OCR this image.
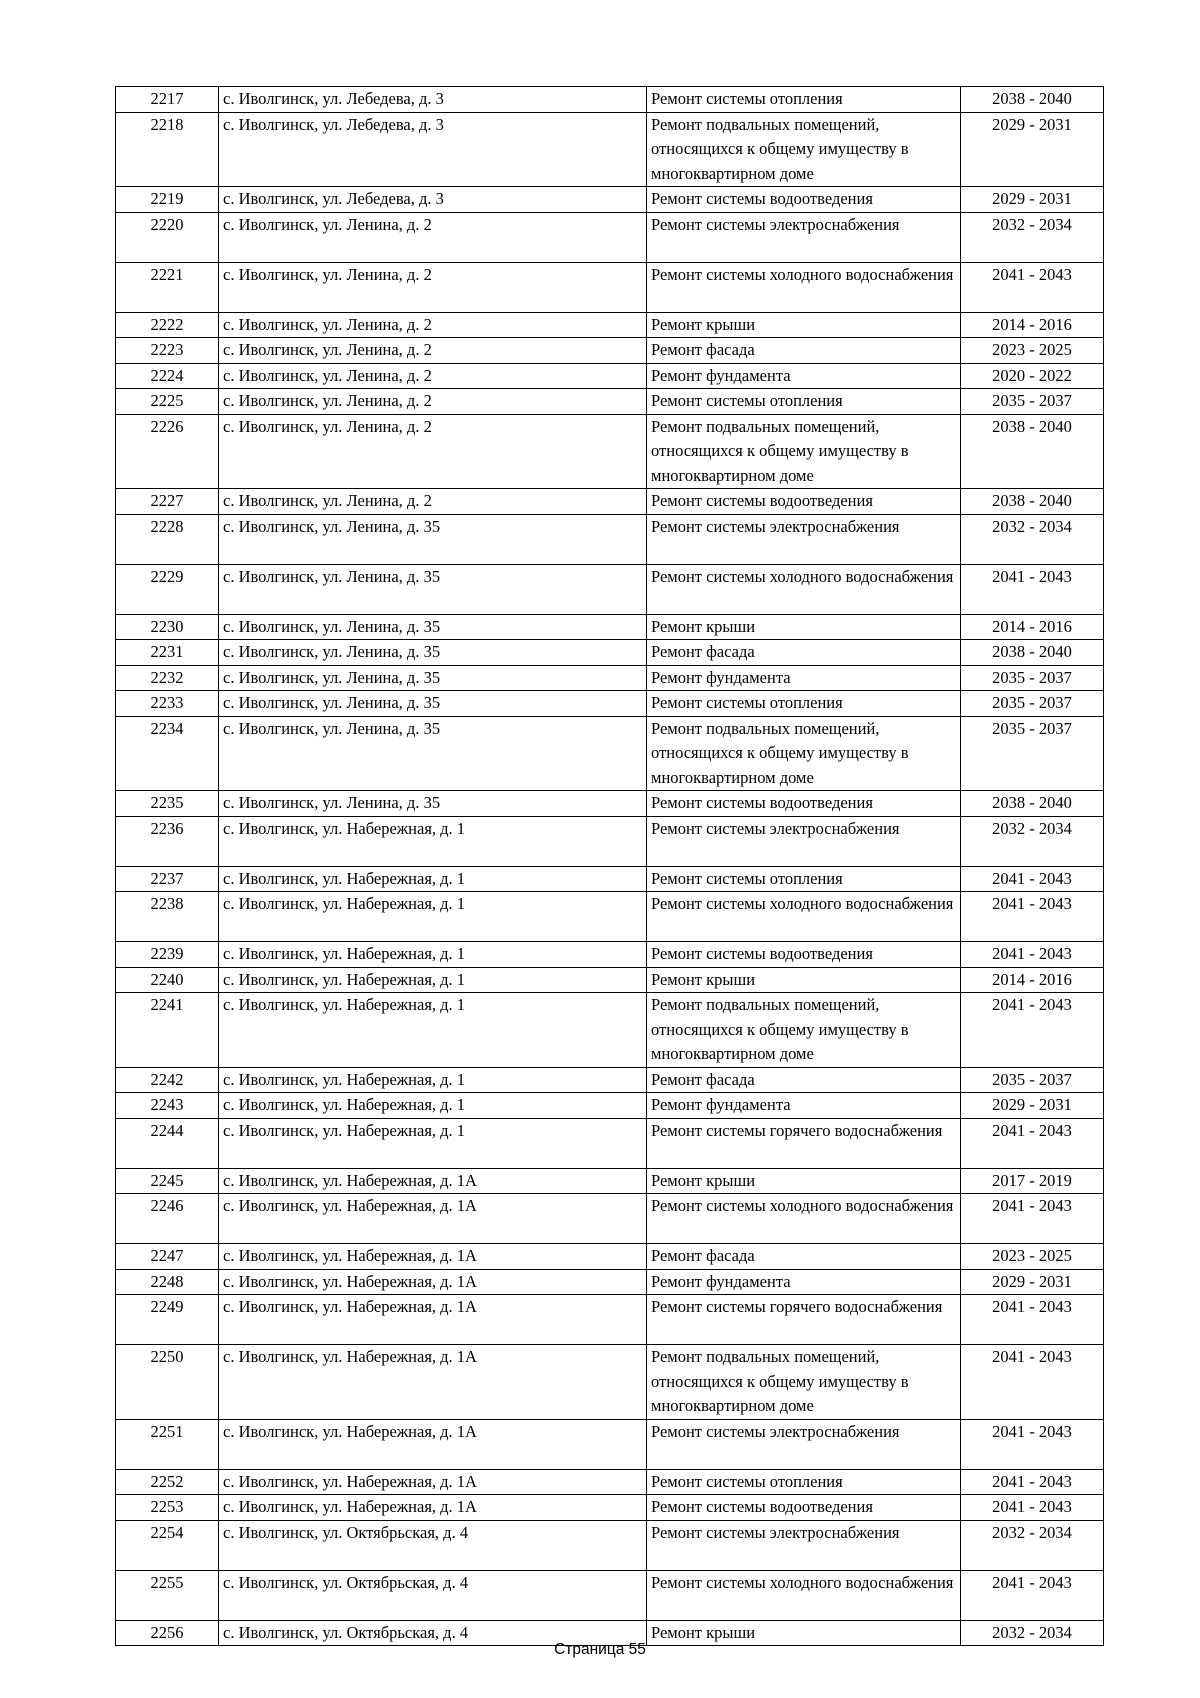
2217	с. Иволгинск, ул. Лебедева, д. 3	Ремонт системы отопления	2038 - 2040
2218	с. Иволгинск, ул. Лебедева, д. 3	Ремонт подвальных помещений, относящихся к общему имуществу в многоквартирном доме	2029 - 2031
2219	с. Иволгинск, ул. Лебедева, д. 3	Ремонт системы водоотведения	2029 - 2031
2220	с. Иволгинск, ул. Ленина, д. 2	Ремонт системы электроснабжения	2032 - 2034
2221	с. Иволгинск, ул. Ленина, д. 2	Ремонт системы холодного водоснабжения	2041 - 2043
2222	с. Иволгинск, ул. Ленина, д. 2	Ремонт крыши	2014 - 2016
2223	с. Иволгинск, ул. Ленина, д. 2	Ремонт фасада	2023 - 2025
2224	с. Иволгинск, ул. Ленина, д. 2	Ремонт фундамента	2020 - 2022
2225	с. Иволгинск, ул. Ленина, д. 2	Ремонт системы отопления	2035 - 2037
2226	с. Иволгинск, ул. Ленина, д. 2	Ремонт подвальных помещений, относящихся к общему имуществу в многоквартирном доме	2038 - 2040
2227	с. Иволгинск, ул. Ленина, д. 2	Ремонт системы водоотведения	2038 - 2040
2228	с. Иволгинск, ул. Ленина, д. 35	Ремонт системы электроснабжения	2032 - 2034
2229	с. Иволгинск, ул. Ленина, д. 35	Ремонт системы холодного водоснабжения	2041 - 2043
2230	с. Иволгинск, ул. Ленина, д. 35	Ремонт крыши	2014 - 2016
2231	с. Иволгинск, ул. Ленина, д. 35	Ремонт фасада	2038 - 2040
2232	с. Иволгинск, ул. Ленина, д. 35	Ремонт фундамента	2035 - 2037
2233	с. Иволгинск, ул. Ленина, д. 35	Ремонт системы отопления	2035 - 2037
2234	с. Иволгинск, ул. Ленина, д. 35	Ремонт подвальных помещений, относящихся к общему имуществу в многоквартирном доме	2035 - 2037
2235	с. Иволгинск, ул. Ленина, д. 35	Ремонт системы водоотведения	2038 - 2040
2236	с. Иволгинск, ул. Набережная, д. 1	Ремонт системы электроснабжения	2032 - 2034
2237	с. Иволгинск, ул. Набережная, д. 1	Ремонт системы отопления	2041 - 2043
2238	с. Иволгинск, ул. Набережная, д. 1	Ремонт системы холодного водоснабжения	2041 - 2043
2239	с. Иволгинск, ул. Набережная, д. 1	Ремонт системы водоотведения	2041 - 2043
2240	с. Иволгинск, ул. Набережная, д. 1	Ремонт крыши	2014 - 2016
2241	с. Иволгинск, ул. Набережная, д. 1	Ремонт подвальных помещений, относящихся к общему имуществу в многоквартирном доме	2041 - 2043
2242	с. Иволгинск, ул. Набережная, д. 1	Ремонт фасада	2035 - 2037
2243	с. Иволгинск, ул. Набережная, д. 1	Ремонт фундамента	2029 - 2031
2244	с. Иволгинск, ул. Набережная, д. 1	Ремонт системы горячего водоснабжения	2041 - 2043
2245	с. Иволгинск, ул. Набережная, д. 1А	Ремонт крыши	2017 - 2019
2246	с. Иволгинск, ул. Набережная, д. 1А	Ремонт системы холодного водоснабжения	2041 - 2043
2247	с. Иволгинск, ул. Набережная, д. 1А	Ремонт фасада	2023 - 2025
2248	с. Иволгинск, ул. Набережная, д. 1А	Ремонт фундамента	2029 - 2031
2249	с. Иволгинск, ул. Набережная, д. 1А	Ремонт системы горячего водоснабжения	2041 - 2043
2250	с. Иволгинск, ул. Набережная, д. 1А	Ремонт подвальных помещений, относящихся к общему имуществу в многоквартирном доме	2041 - 2043
2251	с. Иволгинск, ул. Набережная, д. 1А	Ремонт системы электроснабжения	2041 - 2043
2252	с. Иволгинск, ул. Набережная, д. 1А	Ремонт системы отопления	2041 - 2043
2253	с. Иволгинск, ул. Набережная, д. 1А	Ремонт системы водоотведения	2041 - 2043
2254	с. Иволгинск, ул. Октябрьская, д. 4	Ремонт системы электроснабжения	2032 - 2034
2255	с. Иволгинск, ул. Октябрьская, д. 4	Ремонт системы холодного водоснабжения	2041 - 2043
2256	с. Иволгинск, ул. Октябрьская, д. 4	Ремонт крыши	2032 - 2034
Страница 55
